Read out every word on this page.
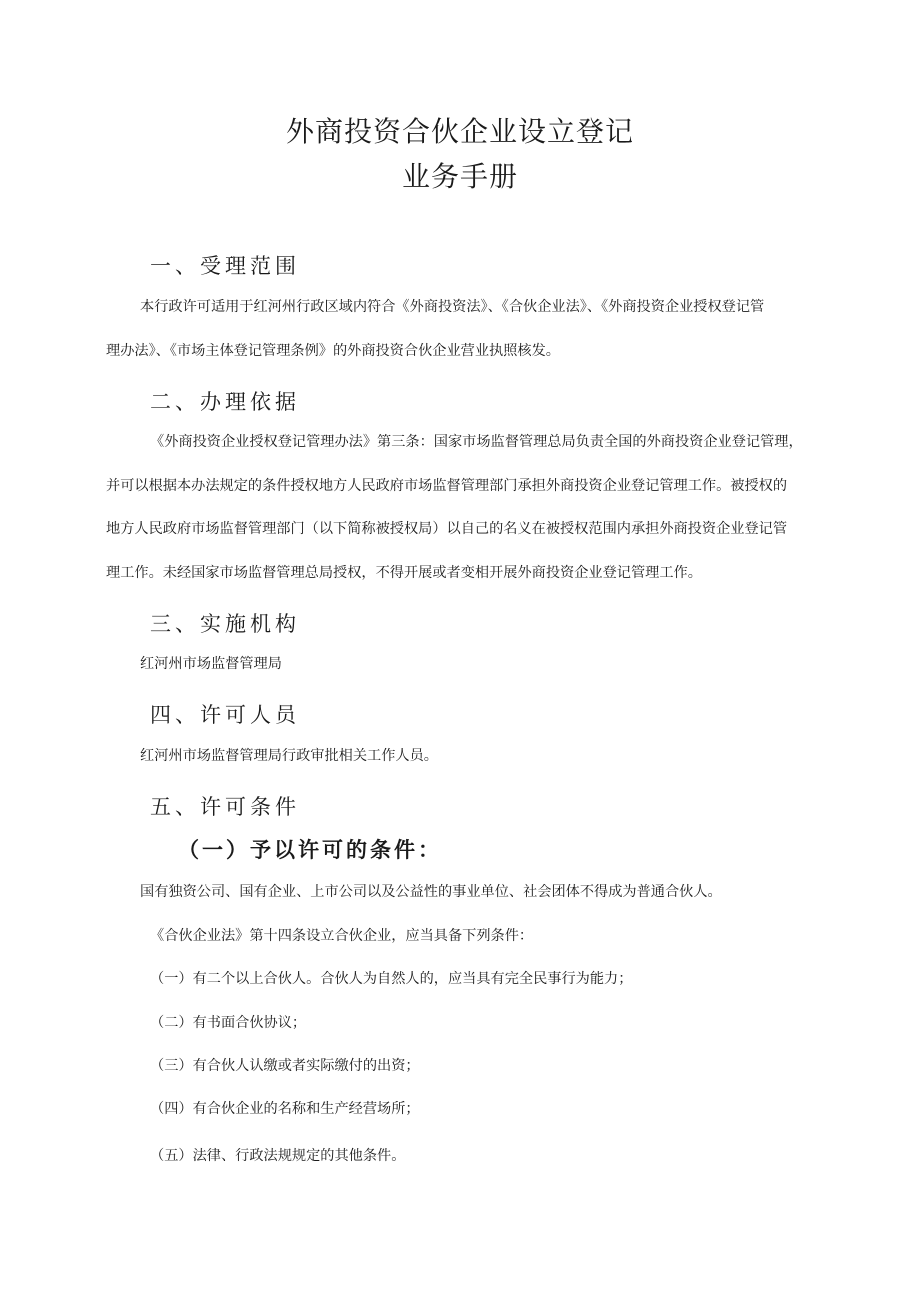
外商投资合伙企业设立登记
业务手册
一、受理范围
本行政许可适用于红河州行政区域内符合《外商投资法》、《合伙企业法》、《外商投资企业授权登记管
理办法》、《市场主体登记管理条例》的外商投资合伙企业营业执照核发。
二、办理依据
《外商投资企业授权登记管理办法》第三条：国家市场监督管理总局负责全国的外商投资企业登记管理，
并可以根据本办法规定的条件授权地方人民政府市场监督管理部门承担外商投资企业登记管理工作。被授权的
地方人民政府市场监督管理部门（以下简称被授权局）以自己的名义在被授权范围内承担外商投资企业登记管
理工作。未经国家市场监督管理总局授权，不得开展或者变相开展外商投资企业登记管理工作。
三、实施机构
红河州市场监督管理局
四、许可人员
红河州市场监督管理局行政审批相关工作人员。
五、许可条件
（一）予以许可的条件：
国有独资公司、国有企业、上市公司以及公益性的事业单位、社会团体不得成为普通合伙人。
《合伙企业法》第十四条设立合伙企业，应当具备下列条件：
（一）有二个以上合伙人。合伙人为自然人的，应当具有完全民事行为能力；
（二）有书面合伙协议；
（三）有合伙人认缴或者实际缴付的出资；
（四）有合伙企业的名称和生产经营场所；
（五）法律、行政法规规定的其他条件。
